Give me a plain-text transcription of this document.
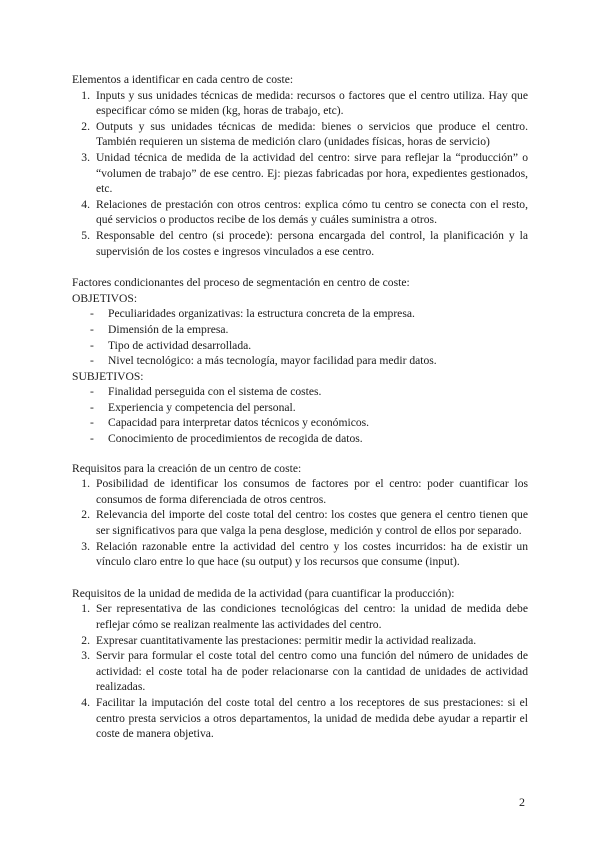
Elementos a identificar en cada centro de coste:

1. Inputs y sus unidades técnicas de medida: recursos o factores que el centro utiliza. Hay que especificar cómo se miden (kg, horas de trabajo, etc).
2. Outputs y sus unidades técnicas de medida: bienes o servicios que produce el centro. También requieren un sistema de medición claro (unidades físicas, horas de servicio)
3. Unidad técnica de medida de la actividad del centro: sirve para reflejar la “producción” o “volumen de trabajo” de ese centro. Ej: piezas fabricadas por hora, expedientes gestionados, etc.
4. Relaciones de prestación con otros centros: explica cómo tu centro se conecta con el resto, qué servicios o productos recibe de los demás y cuáles suministra a otros.
5. Responsable del centro (si procede): persona encargada del control, la planificación y la supervisión de los costes e ingresos vinculados a ese centro.

Factores condicionantes del proceso de segmentación en centro de coste:

OBJETIVOS:

-	Peculiaridades organizativas: la estructura concreta de la empresa.
-	Dimensión de la empresa.
-	Tipo de actividad desarrollada.
-	Nivel tecnológico: a más tecnología, mayor facilidad para medir datos.

SUBJETIVOS:

-	Finalidad perseguida con el sistema de costes.
-	Experiencia y competencia del personal.
-	Capacidad para interpretar datos técnicos y económicos.
-	Conocimiento de procedimientos de recogida de datos.

Requisitos para la creación de un centro de coste:

1. Posibilidad de identificar los consumos de factores por el centro: poder cuantificar los consumos de forma diferenciada de otros centros.
2. Relevancia del importe del coste total del centro: los costes que genera el centro tienen que ser significativos para que valga la pena desglose, medición y control de ellos por separado.
3. Relación razonable entre la actividad del centro y los costes incurridos: ha de existir un vínculo claro entre lo que hace (su output) y los recursos que consume (input).

Requisitos de la unidad de medida de la actividad (para cuantificar la producción):

1. Ser representativa de las condiciones tecnológicas del centro: la unidad de medida debe reflejar cómo se realizan realmente las actividades del centro.
2. Expresar cuantitativamente las prestaciones: permitir medir la actividad realizada.
3. Servir para formular el coste total del centro como una función del número de unidades de actividad: el coste total ha de poder relacionarse con la cantidad de unidades de actividad realizadas.
4. Facilitar la imputación del coste total del centro a los receptores de sus prestaciones: si el centro presta servicios a otros departamentos, la unidad de medida debe ayudar a repartir el coste de manera objetiva.
2
